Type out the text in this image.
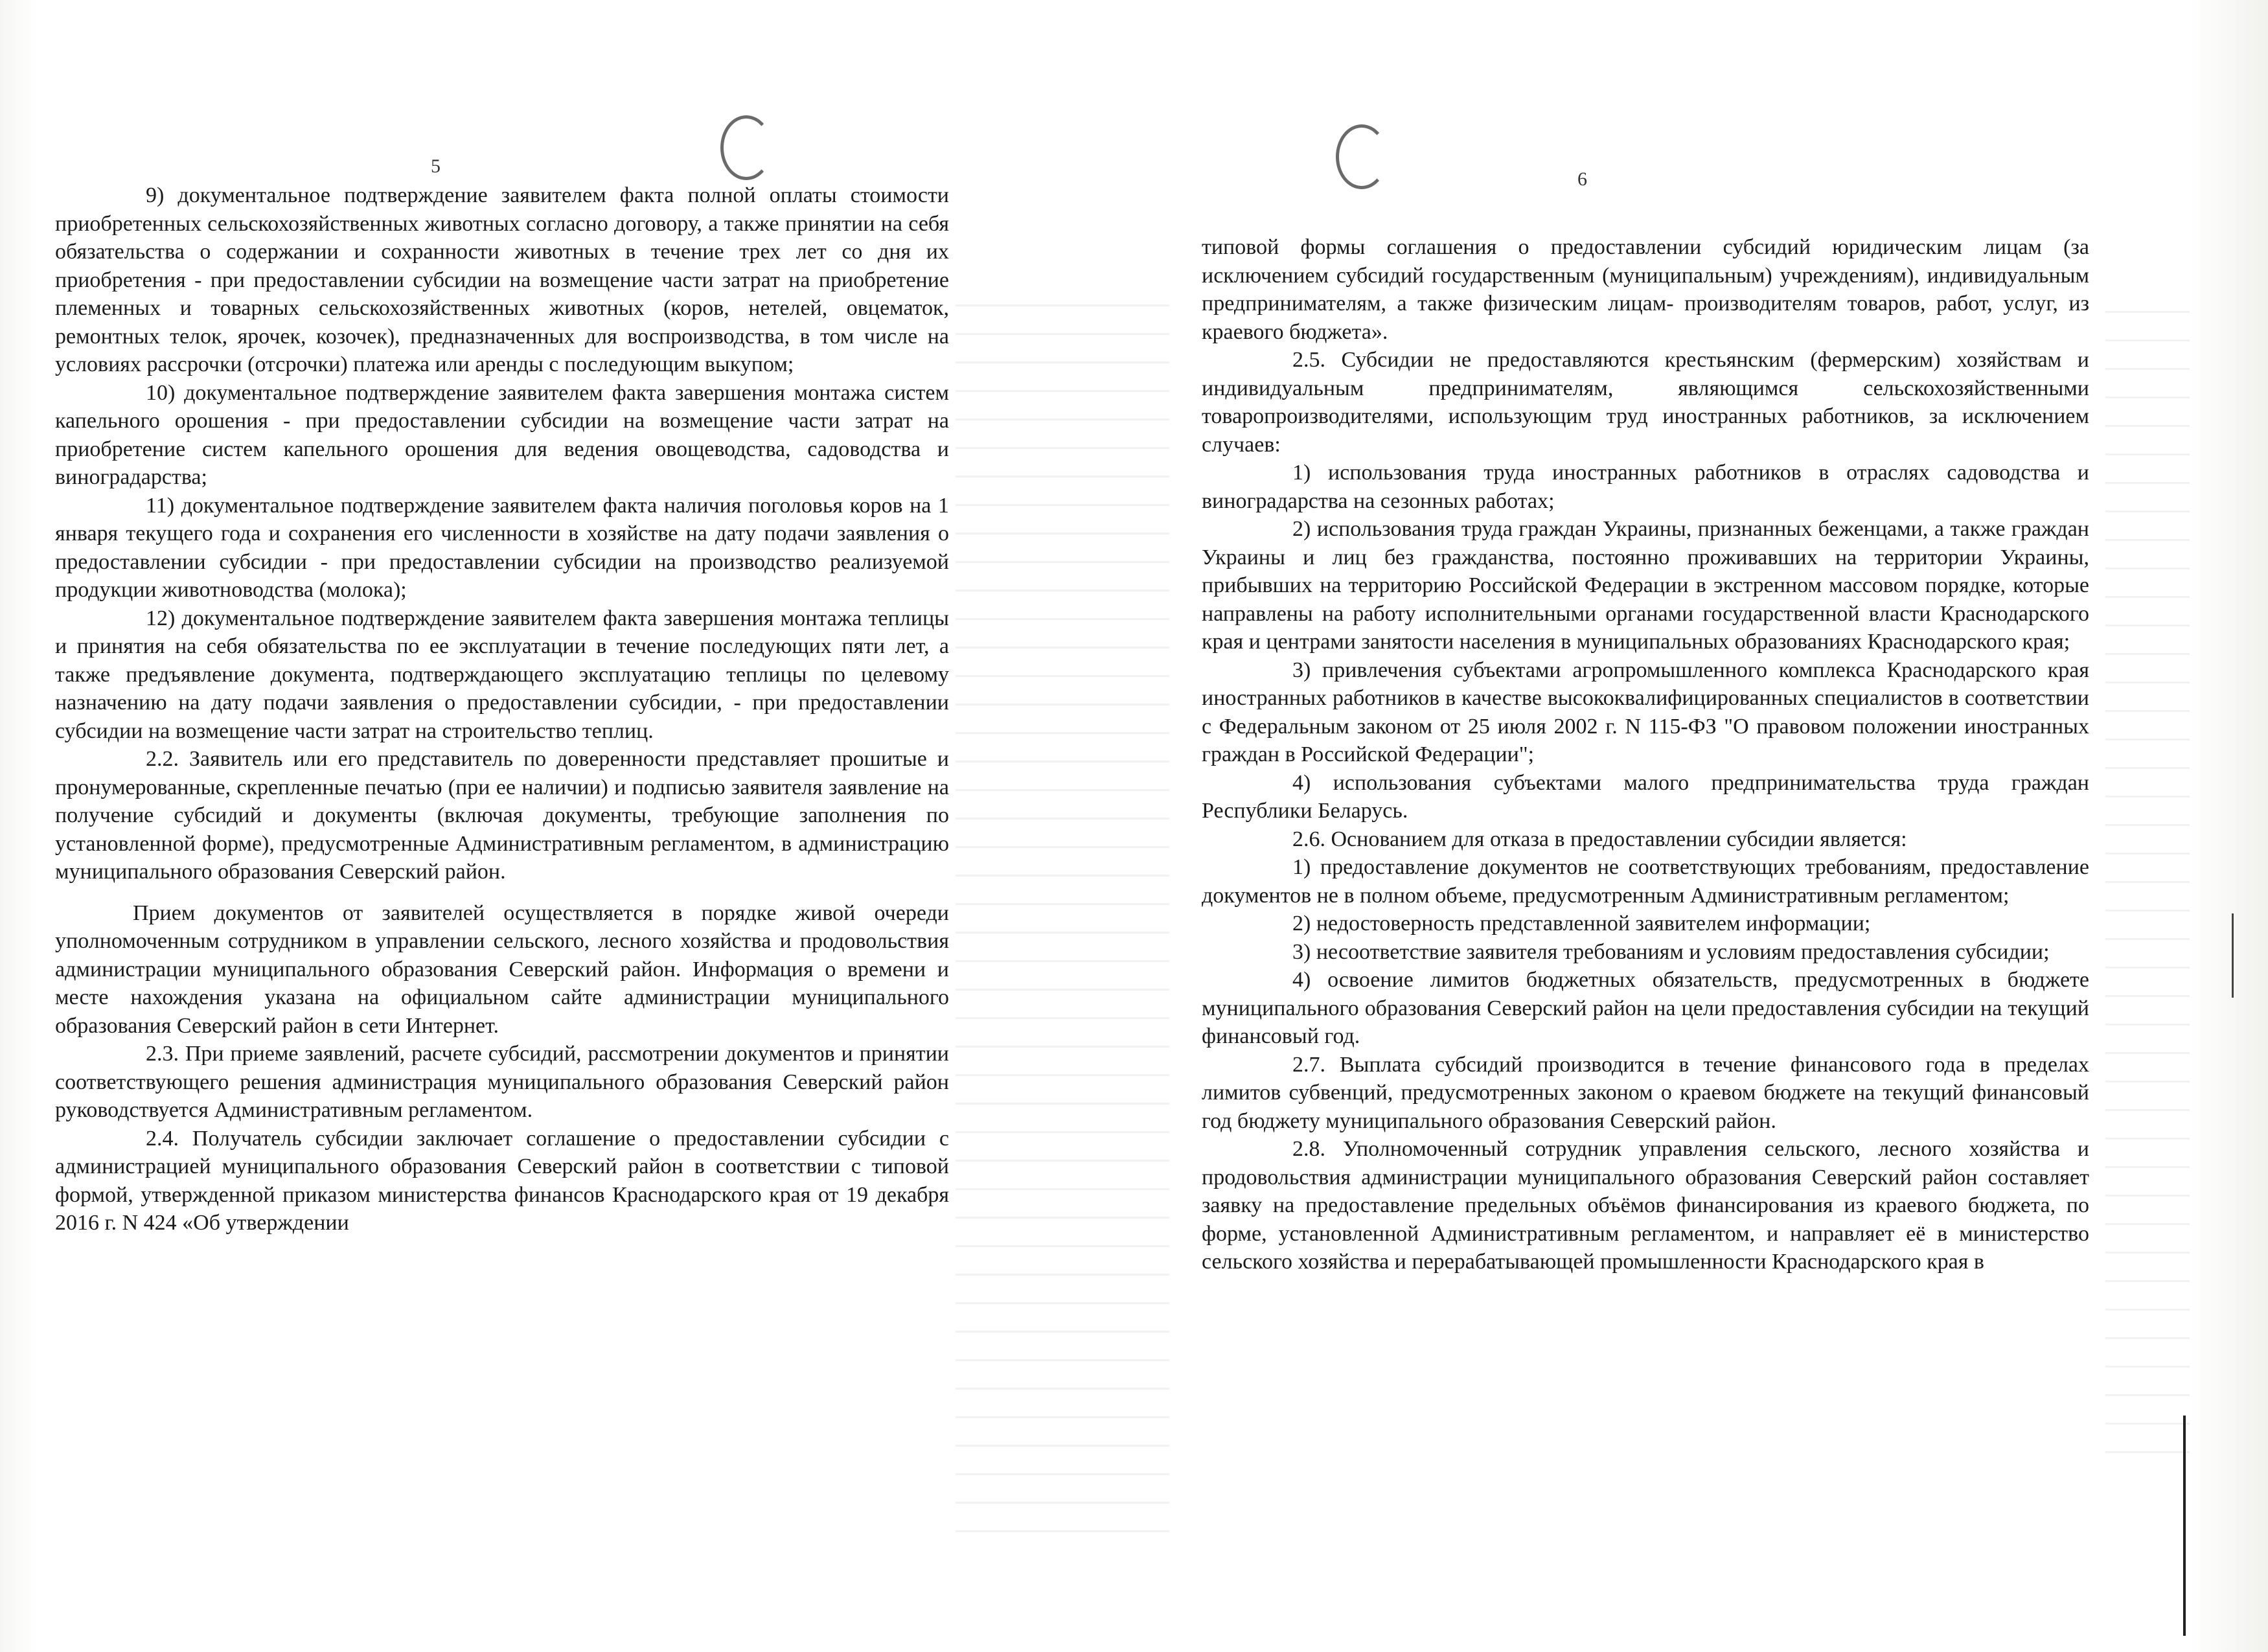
5

9) документальное подтверждение заявителем факта полной оплаты стоимости приобретенных сельскохозяйственных животных согласно договору, а также принятии на себя обязательства о содержании и сохранности животных в течение трех лет со дня их приобретения - при предоставлении субсидии на возмещение части затрат на приобретение племенных и товарных сельскохозяйственных животных (коров, нетелей, овцематок, ремонтных телок, ярочек, козочек), предназначенных для воспроизводства, в том числе на условиях рассрочки (отсрочки) платежа или аренды с последующим выкупом;

10) документальное подтверждение заявителем факта завершения монтажа систем капельного орошения - при предоставлении субсидии на возмещение части затрат на приобретение систем капельного орошения для ведения овощеводства, садоводства и виноградарства;

11) документальное подтверждение заявителем факта наличия поголовья коров на 1 января текущего года и сохранения его численности в хозяйстве на дату подачи заявления о предоставлении субсидии - при предоставлении субсидии на производство реализуемой продукции животноводства (молока);

12) документальное подтверждение заявителем факта завершения монтажа теплицы и принятия на себя обязательства по ее эксплуатации в течение последующих пяти лет, а также предъявление документа, подтверждающего эксплуатацию теплицы по целевому назначению на дату подачи заявления о предоставлении субсидии, - при предоставлении субсидии на возмещение части затрат на строительство теплиц.

2.2. Заявитель или его представитель по доверенности представляет прошитые и пронумерованные, скрепленные печатью (при ее наличии) и подписью заявителя заявление на получение субсидий и документы (включая документы, требующие заполнения по установленной форме), предусмотренные Административным регламентом, в администрацию муниципального образования Северский район.

Прием документов от заявителей осуществляется в порядке живой очереди уполномоченным сотрудником в управлении сельского, лесного хозяйства и продовольствия администрации муниципального образования Северский район. Информация о времени и месте нахождения указана на официальном сайте администрации муниципального образования Северский район в сети Интернет.

2.3. При приеме заявлений, расчете субсидий, рассмотрении документов и принятии соответствующего решения администрация муниципального образования Северский район руководствуется Административным регламентом.

2.4. Получатель субсидии заключает соглашение о предоставлении субсидии с администрацией муниципального образования Северский район в соответствии с типовой формой, утвержденной приказом министерства финансов Краснодарского края от 19 декабря 2016 г. N 424 «Об утверждении

6

типовой формы соглашения о предоставлении субсидий юридическим лицам (за исключением субсидий государственным (муниципальным) учреждениям), индивидуальным предпринимателям, а также физическим лицам- производителям товаров, работ, услуг, из краевого бюджета».

2.5. Субсидии не предоставляются крестьянским (фермерским) хозяйствам и индивидуальным предпринимателям, являющимся сельскохозяйственными товаропроизводителями, использующим труд иностранных работников, за исключением случаев:

1) использования труда иностранных работников в отраслях садоводства и виноградарства на сезонных работах;

2) использования труда граждан Украины, признанных беженцами, а также граждан Украины и лиц без гражданства, постоянно проживавших на территории Украины, прибывших на территорию Российской Федерации в экстренном массовом порядке, которые направлены на работу исполнительными органами государственной власти Краснодарского края и центрами занятости населения в муниципальных образованиях Краснодарского края;

3) привлечения субъектами агропромышленного комплекса Краснодарского края иностранных работников в качестве высококвалифицированных специалистов в соответствии с Федеральным законом от 25 июля 2002 г. N 115-ФЗ "О правовом положении иностранных граждан в Российской Федерации";

4) использования субъектами малого предпринимательства труда граждан Республики Беларусь.

2.6. Основанием для отказа в предоставлении субсидии является:

1) предоставление документов не соответствующих требованиям, предоставление документов не в полном объеме, предусмотренным Административным регламентом;

2) недостоверность представленной заявителем информации;

3) несоответствие заявителя требованиям и условиям предоставления субсидии;

4) освоение лимитов бюджетных обязательств, предусмотренных в бюджете муниципального образования Северский район на цели предоставления субсидии на текущий финансовый год.

2.7. Выплата субсидий производится в течение финансового года в пределах лимитов субвенций, предусмотренных законом о краевом бюджете на текущий финансовый год бюджету муниципального образования Северский район.

2.8. Уполномоченный сотрудник управления сельского, лесного хозяйства и продовольствия администрации муниципального образования Северский район составляет заявку на предоставление предельных объёмов финансирования из краевого бюджета, по форме, установленной Административным регламентом, и направляет её в министерство сельского хозяйства и перерабатывающей промышленности Краснодарского края в
